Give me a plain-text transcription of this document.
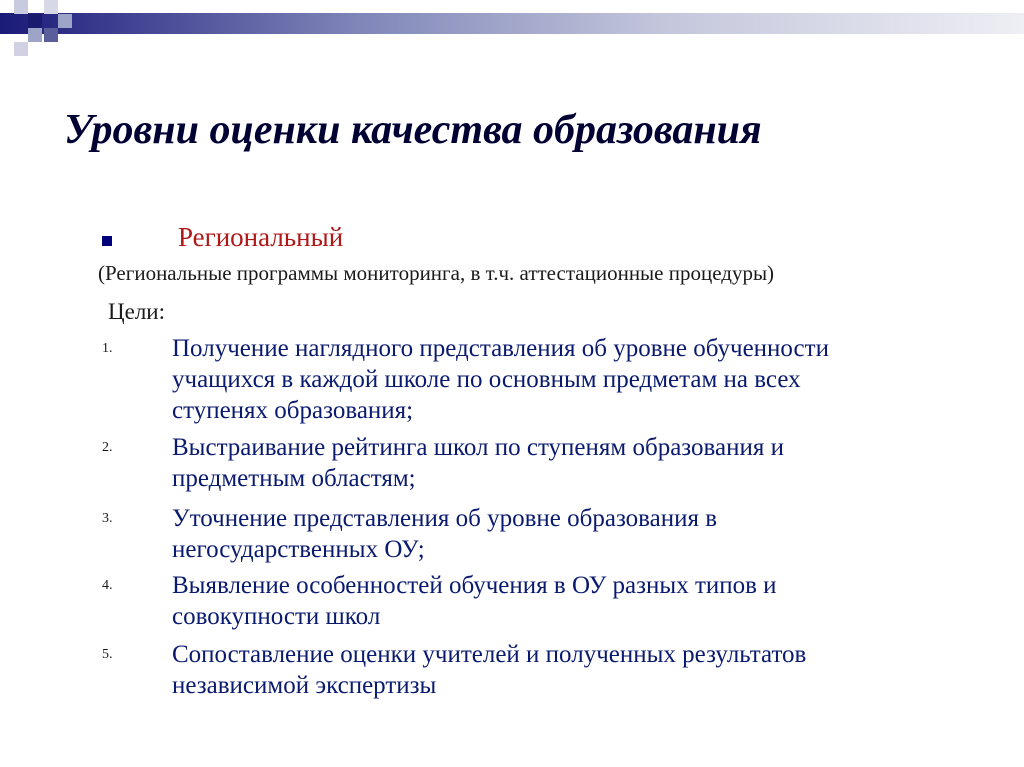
Уровни оценки качества образования
Региональный
(Региональные программы мониторинга, в т.ч. аттестационные процедуры)
Цели:
1. Получение наглядного представления об уровне обученности
учащихся в каждой школе по основным предметам на всех
ступенях образования;
2. Выстраивание рейтинга школ по ступеням образования и
предметным областям;
3. Уточнение представления об уровне образования в
негосударственных ОУ;
4. Выявление особенностей обучения в ОУ разных типов и
совокупности школ
5. Сопоставление оценки учителей и полученных результатов
независимой экспертизы
